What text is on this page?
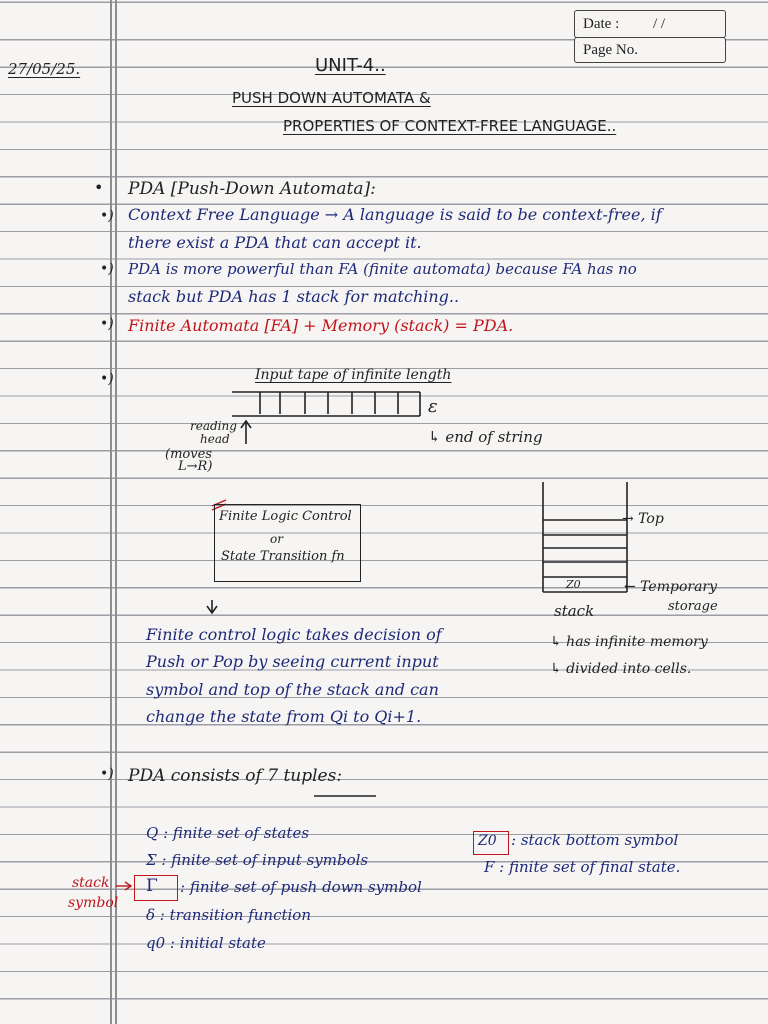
Date : / /
Page No.
27/05/25.	UNIT-4..
PUSH DOWN AUTOMATA &
PROPERTIES OF CONTEXT-FREE LANGUAGE..
•
•)
•)
•)
•)
•)
PDA [Push-Down Automata]:
Context Free Language → A language is said to be context-free, if
there exist a PDA that can accept it.
PDA is more powerful than FA (finite automata) because FA has no
stack but PDA has 1 stack for matching..
Finite Automata [FA] + Memory (stack) = PDA.
Input tape of infinite length
ε
↳ end of string
reading
head
(moves
L→R)
Finite Logic Control
or
State Transition fn
→ Top
Z0
stack
← Temporary
storage
↳ has infinite memory
↳ divided into cells.
Finite control logic takes decision of
Push or Pop by seeing current input
symbol and top of the stack and can
change the state from Qi to Qi+1.
PDA consists of 7 tuples:
Q : finite set of states
Σ : finite set of input symbols
Γ : finite set of push down symbol
δ : transition function
q0 : initial state
Z0 : stack bottom symbol
F : finite set of final state.
stack
symbol
